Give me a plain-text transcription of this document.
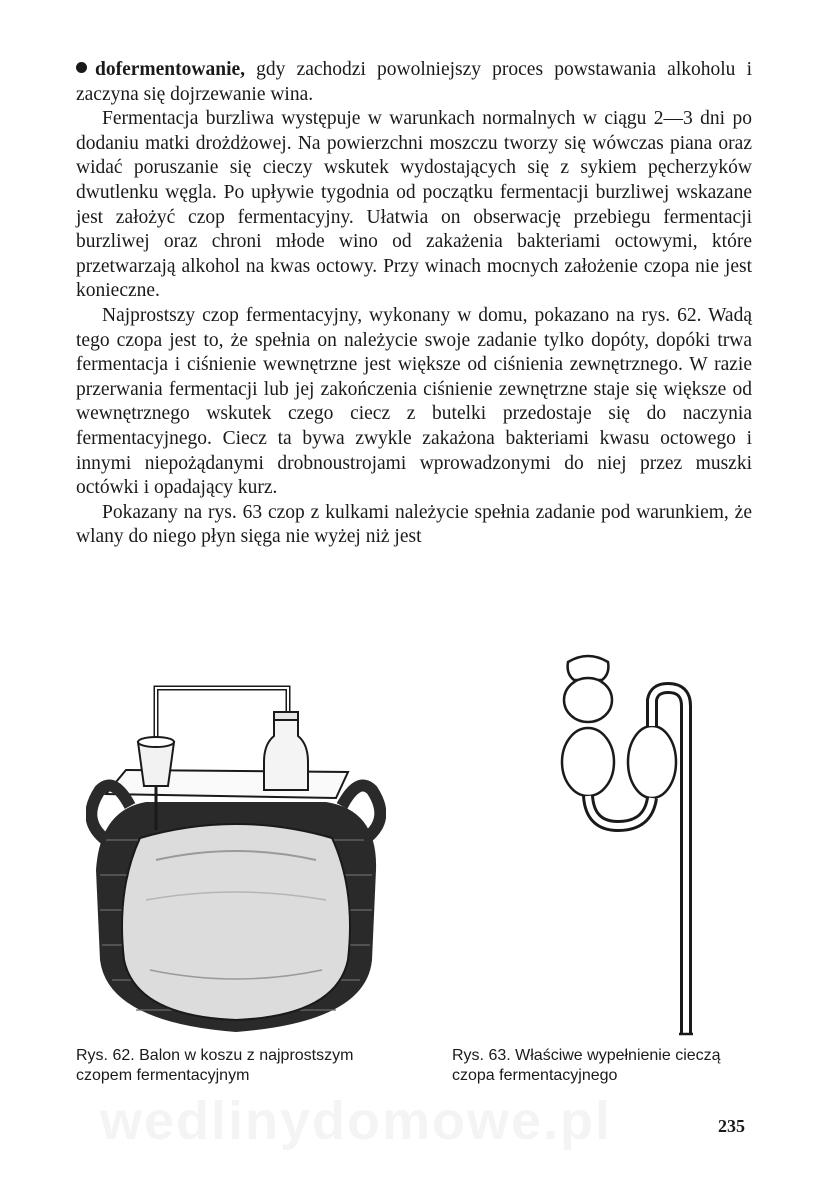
dofermentowanie, gdy zachodzi powolniejszy proces powstawania alkoholu i zaczyna się dojrzewanie wina.

Fermentacja burzliwa występuje w warunkach normalnych w ciągu 2—3 dni po dodaniu matki drożdżowej. Na powierzchni moszczu tworzy się wówczas piana oraz widać poruszanie się cieczy wskutek wydostających się z sykiem pęcherzyków dwutlenku węgla. Po upływie tygodnia od początku fermentacji burzliwej wskazane jest założyć czop fermentacyjny. Ułatwia on obserwację przebiegu fermentacji burzliwej oraz chroni młode wino od zakażenia bakteriami octowymi, które przetwarzają alkohol na kwas octowy. Przy winach mocnych założenie czopa nie jest konieczne.

Najprostszy czop fermentacyjny, wykonany w domu, pokazano na rys. 62. Wadą tego czopa jest to, że spełnia on należycie swoje zadanie tylko dopóty, dopóki trwa fermentacja i ciśnienie wewnętrzne jest większe od ciśnienia zewnętrznego. W razie przerwania fermentacji lub jej zakończenia ciśnienie zewnętrzne staje się większe od wewnętrznego wskutek czego ciecz z butelki przedostaje się do naczynia fermentacyjnego. Ciecz ta bywa zwykle zakażona bakteriami kwasu octowego i innymi niepożądanymi drobnoustrojami wprowadzonymi do niej przez muszki octówki i opadający kurz.

Pokazany na rys. 63 czop z kulkami należycie spełnia zadanie pod warunkiem, że wlany do niego płyn sięga nie wyżej niż jest

Rys. 62. Balon w koszu z najprostszym czopem fermentacyjnym
Rys. 63. Właściwe wypełnienie cieczą czopa fermentacyjnego
235
